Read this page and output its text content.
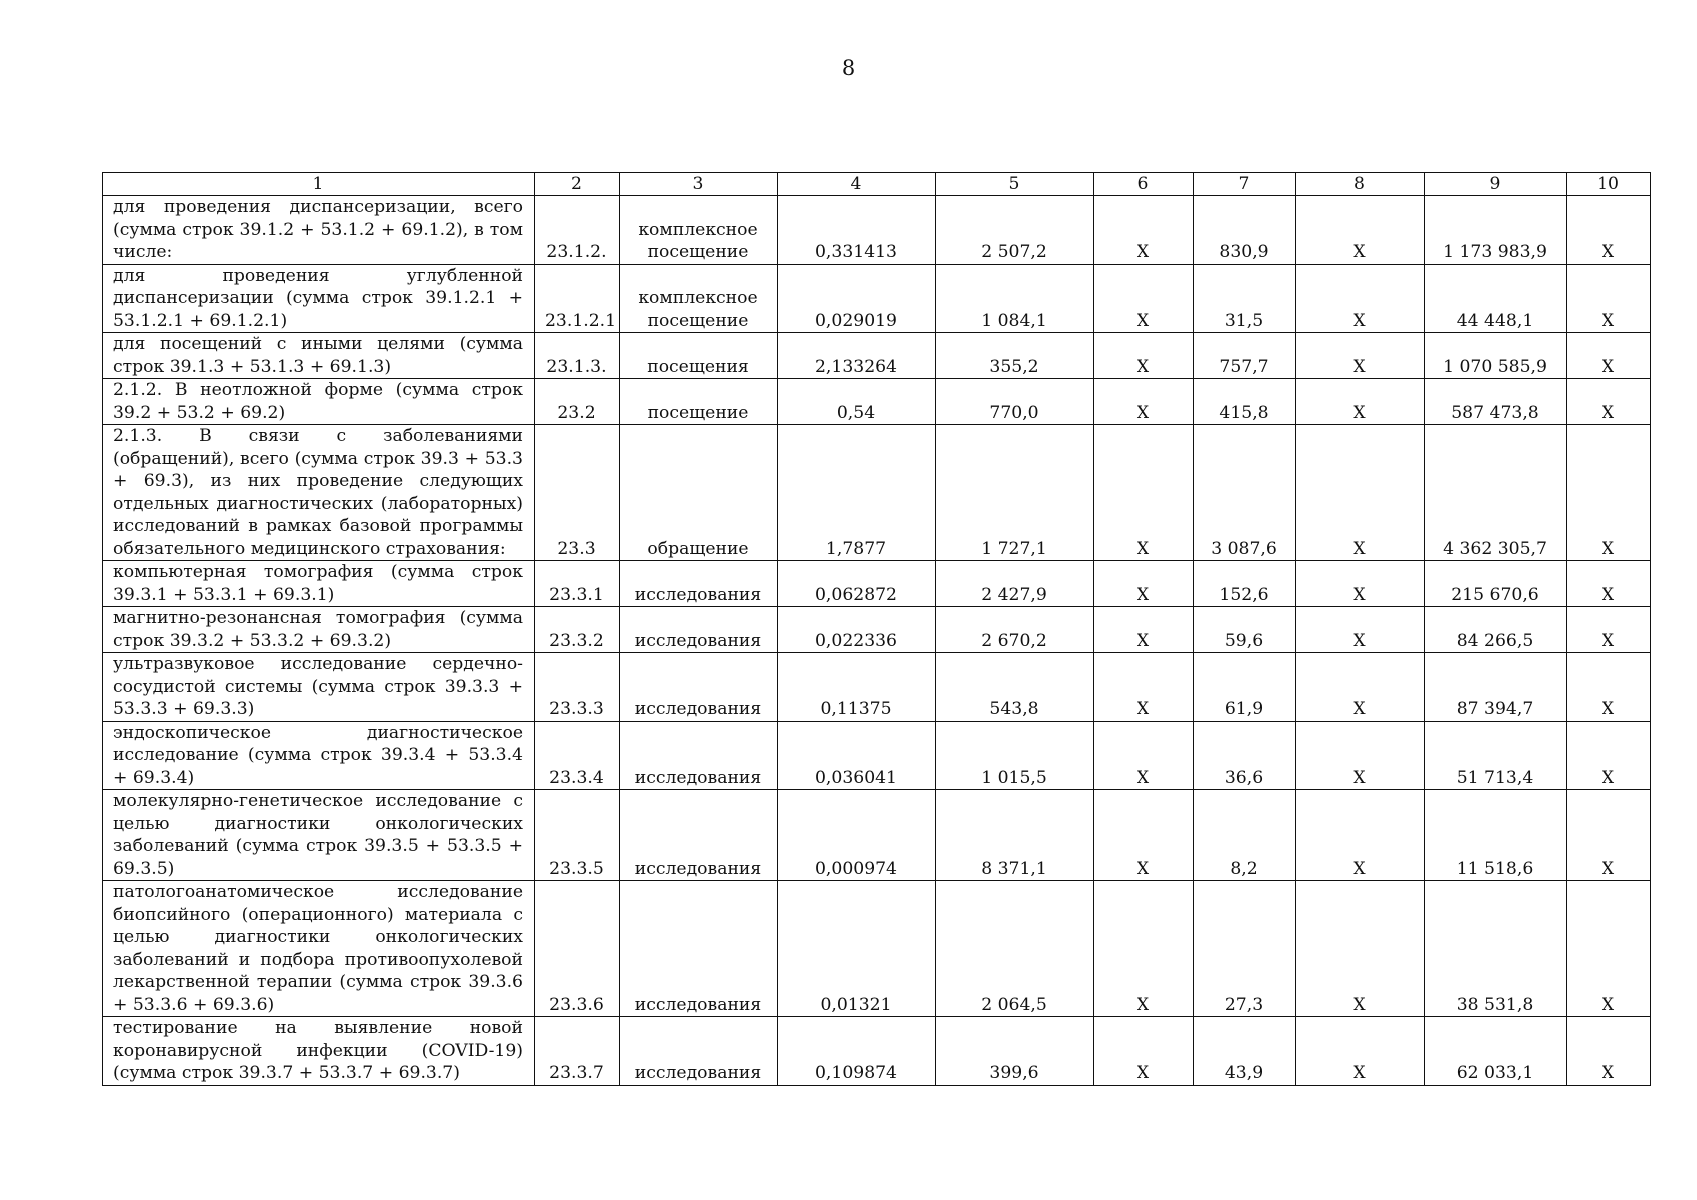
8
1	2	3	4	5	6	7	8	9	10
для проведения диспансеризации, всего (сумма строк 39.1.2 + 53.1.2 + 69.1.2), в том числе:	23.1.2.	комплексное посещение	0,331413	2 507,2	X	830,9	X	1 173 983,9	X
для проведения углубленной диспансеризации (сумма строк 39.1.2.1 + 53.1.2.1 + 69.1.2.1)	23.1.2.1	комплексное посещение	0,029019	1 084,1	X	31,5	X	44 448,1	X
для посещений с иными целями (сумма строк 39.1.3 + 53.1.3 + 69.1.3)	23.1.3.	посещения	2,133264	355,2	X	757,7	X	1 070 585,9	X
2.1.2. В неотложной форме (сумма строк 39.2 + 53.2 + 69.2)	23.2	посещение	0,54	770,0	X	415,8	X	587 473,8	X
2.1.3. В связи с заболеваниями (обращений), всего (сумма строк 39.3 + 53.3 + 69.3), из них проведение следующих отдельных диагностических (лабораторных) исследований в рамках базовой программы обязательного медицинского страхования:	23.3	обращение	1,7877	1 727,1	X	3 087,6	X	4 362 305,7	X
компьютерная томография (сумма строк 39.3.1 + 53.3.1 + 69.3.1)	23.3.1	исследования	0,062872	2 427,9	X	152,6	X	215 670,6	X
магнитно-резонансная томография (сумма строк 39.3.2 + 53.3.2 + 69.3.2)	23.3.2	исследования	0,022336	2 670,2	X	59,6	X	84 266,5	X
ультразвуковое исследование сердечно-сосудистой системы (сумма строк 39.3.3 + 53.3.3 + 69.3.3)	23.3.3	исследования	0,11375	543,8	X	61,9	X	87 394,7	X
эндоскопическое диагностическое исследование (сумма строк 39.3.4 + 53.3.4 + 69.3.4)	23.3.4	исследования	0,036041	1 015,5	X	36,6	X	51 713,4	X
молекулярно-генетическое исследование с целью диагностики онкологических заболеваний (сумма строк 39.3.5 + 53.3.5 + 69.3.5)	23.3.5	исследования	0,000974	8 371,1	X	8,2	X	11 518,6	X
патологоанатомическое исследование биопсийного (операционного) материала с целью диагностики онкологических заболеваний и подбора противоопухолевой лекарственной терапии (сумма строк 39.3.6 + 53.3.6 + 69.3.6)	23.3.6	исследования	0,01321	2 064,5	X	27,3	X	38 531,8	X
тестирование на выявление новой коронавирусной инфекции (COVID-19) (сумма строк 39.3.7 + 53.3.7 + 69.3.7)	23.3.7	исследования	0,109874	399,6	X	43,9	X	62 033,1	X
